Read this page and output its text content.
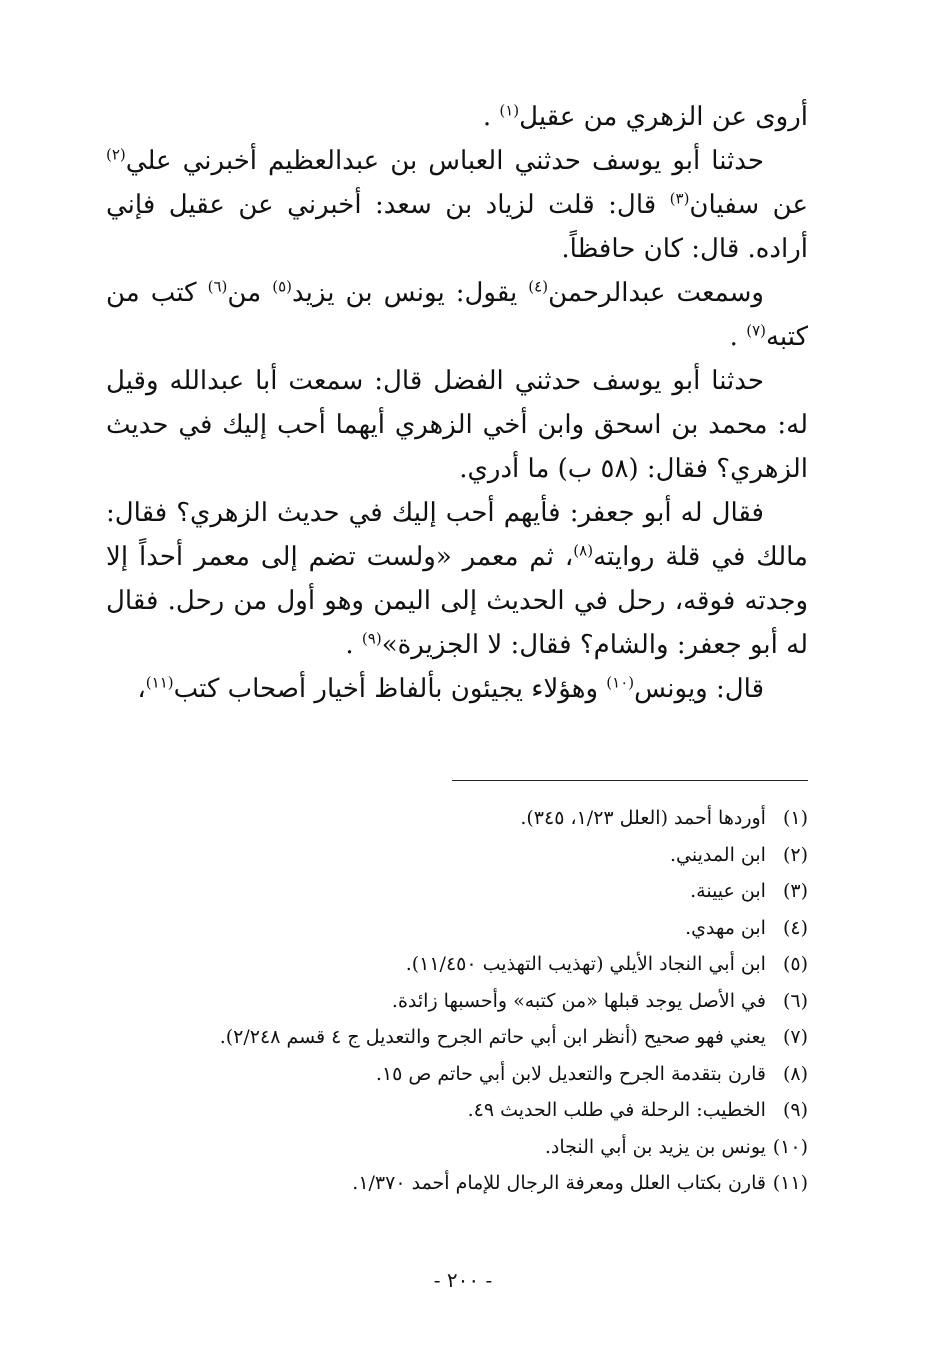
أروى عن الزهري من عقيل$^{(١)}$ .

حدثنا أبو يوسف حدثني العباس بن عبدالعظيم أخبرني علي$^{(٢)}$ عن سفيان$^{(٣)}$ قال: قلت لزياد بن سعد: أخبرني عن عقيل فإني أراده. قال: كان حافظاً.

وسمعت عبدالرحمن$^{(٤)}$ يقول: يونس بن يزيد$^{(٥)}$ من$^{(٦)}$ كتب من كتبه$^{(٧)}$ .

حدثنا أبو يوسف حدثني الفضل قال: سمعت أبا عبدالله وقيل له: محمد بن اسحق وابن أخي الزهري أيهما أحب إليك في حديث الزهري؟ فقال: (٥٨ ب) ما أدري.

فقال له أبو جعفر: فأيهم أحب إليك في حديث الزهري؟ فقال: مالك في قلة روايته$^{(٨)}$، ثم معمر «ولست تضم إلى معمر أحداً إلا وجدته فوقه، رحل في الحديث إلى اليمن وهو أول من رحل. فقال له أبو جعفر: والشام؟ فقال: لا الجزيرة»$^{(٩)}$ .

قال: ويونس$^{(١٠)}$ وهؤلاء يجيئون بألفاظ أخيار أصحاب كتب$^{(١١)}$،

(١) أوردها أحمد (العلل ١/٢٣، ٣٤٥).
(٢) ابن المديني.
(٣) ابن عيينة.
(٤) ابن مهدي.
(٥) ابن أبي النجاد الأيلي (تهذيب التهذيب ١١/٤٥٠).
(٦) في الأصل يوجد قبلها «من كتبه» وأحسبها زائدة.
(٧) يعني فهو صحيح (أنظر ابن أبي حاتم الجرح والتعديل ج ٤ قسم ٢/٢٤٨).
(٨) قارن بتقدمة الجرح والتعديل لابن أبي حاتم ص ١٥.
(٩) الخطيب: الرحلة في طلب الحديث ٤٩.
(١٠) يونس بن يزيد بن أبي النجاد.
(١١) قارن بكتاب العلل ومعرفة الرجال للإمام أحمد ١/٣٧٠.
- ٢٠٠ -
